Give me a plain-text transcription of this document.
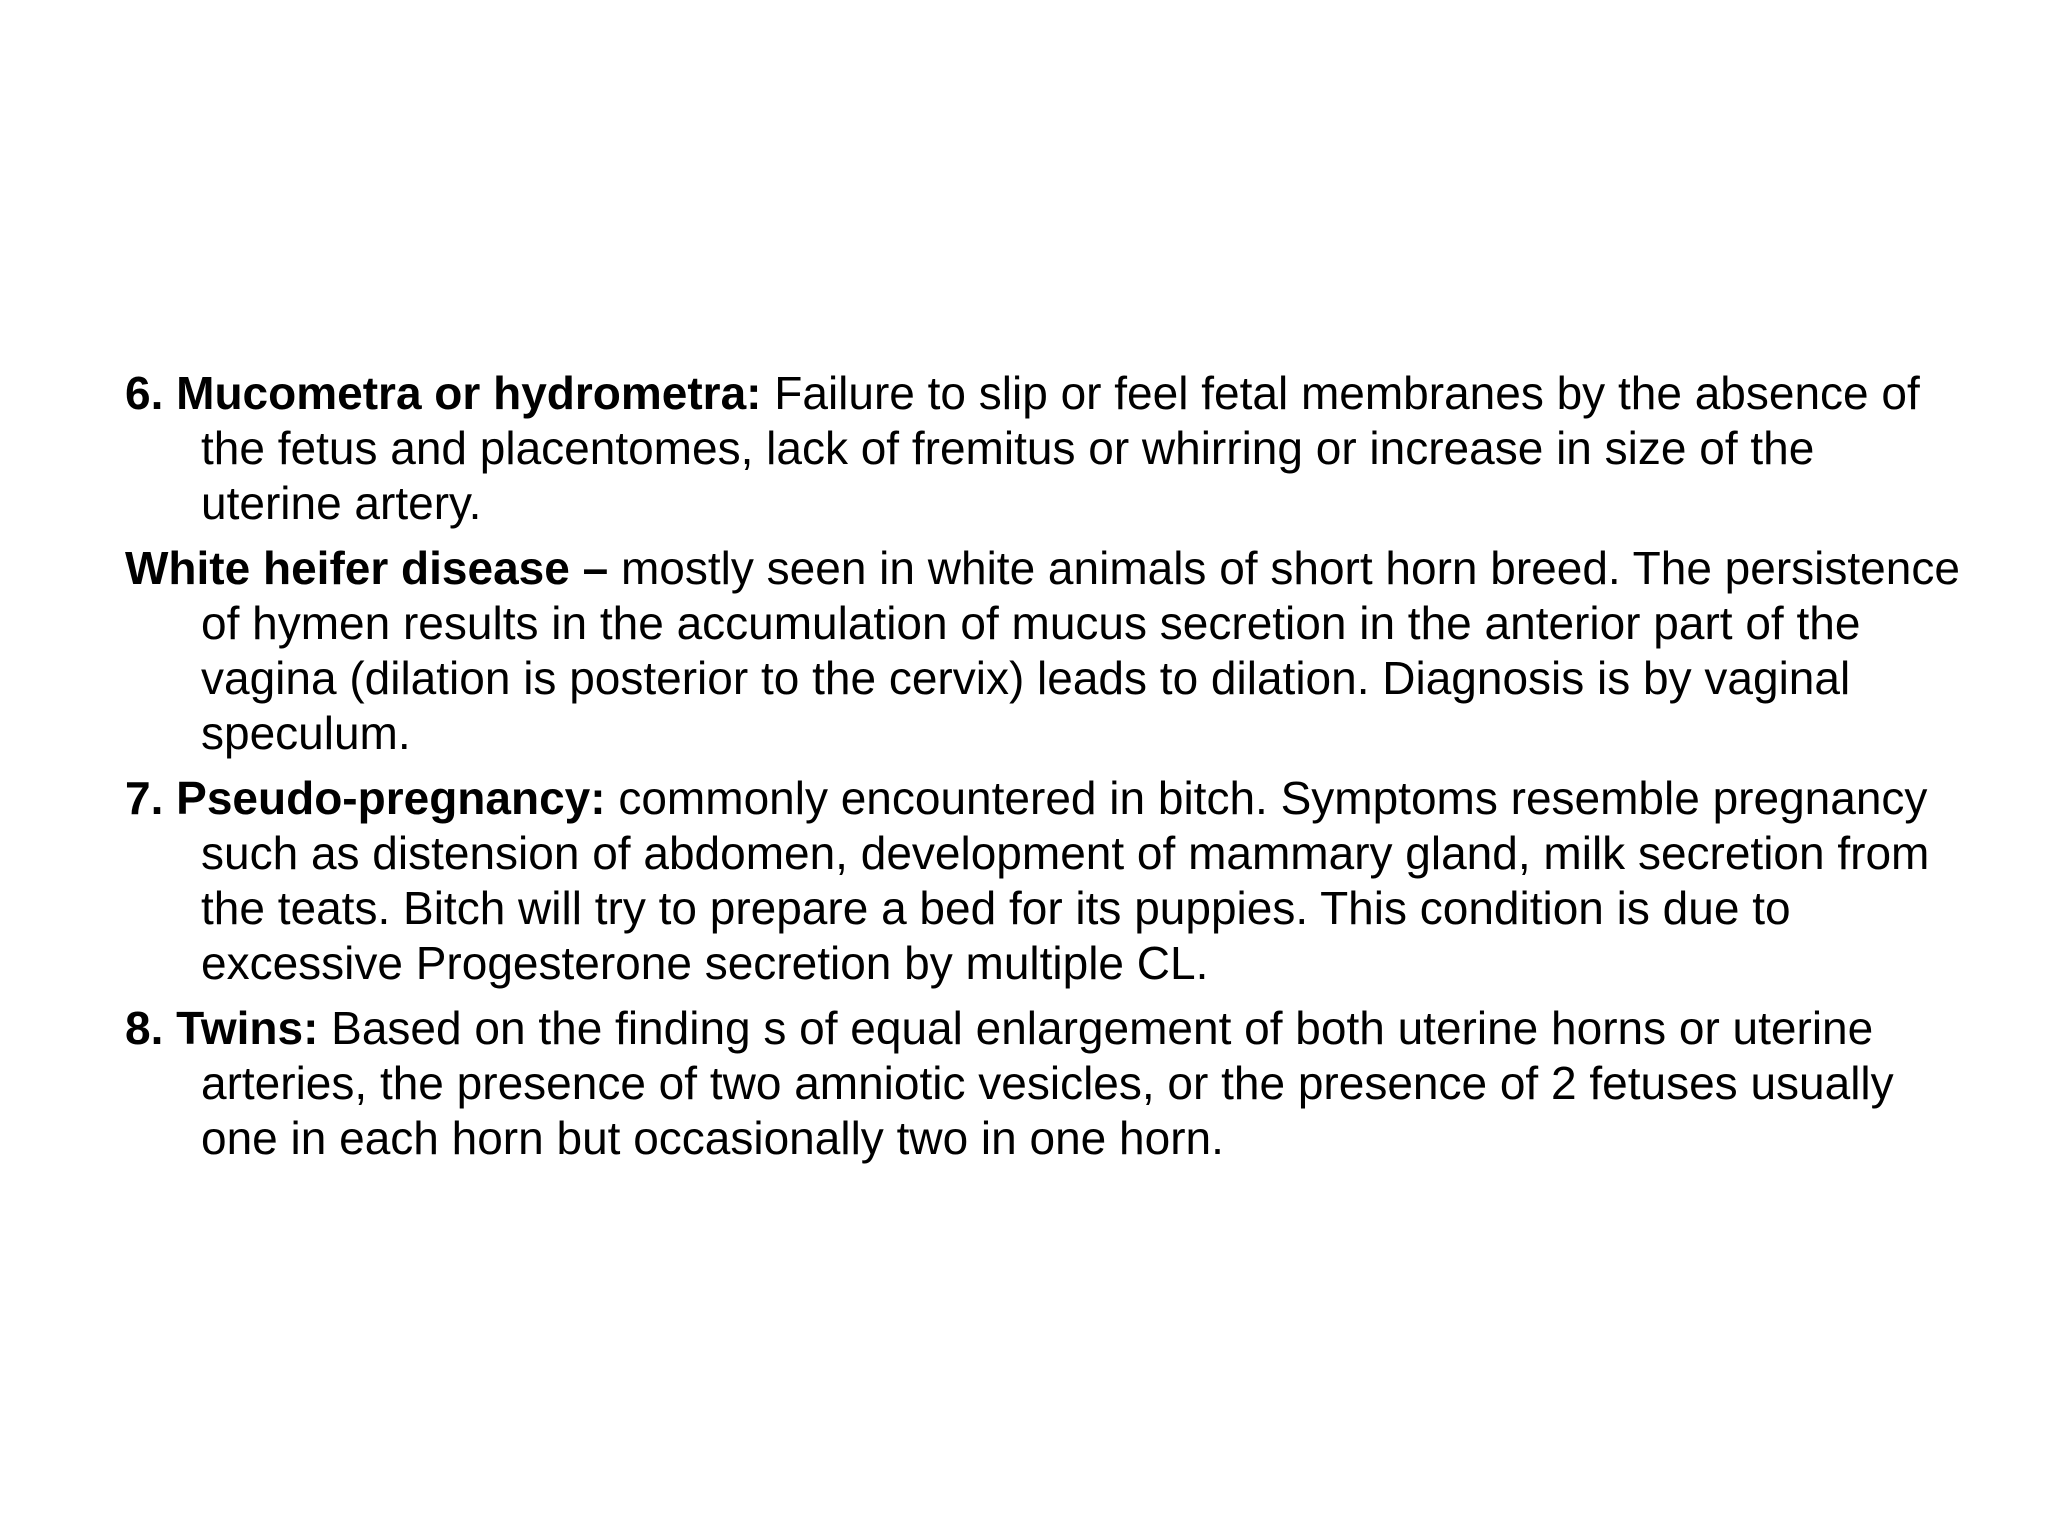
6. Mucometra or hydrometra: Failure to slip or feel fetal membranes by the absence of the fetus and placentomes, lack of fremitus or whirring or increase in size of the uterine artery.

White heifer disease – mostly seen in white animals of short horn breed. The persistence of hymen results in the accumulation of mucus secretion in the anterior part of the vagina (dilation is posterior to the cervix) leads to dilation. Diagnosis is by vaginal speculum.

7. Pseudo-pregnancy: commonly encountered in bitch. Symptoms resemble pregnancy such as distension of abdomen, development of mammary gland, milk secretion from the teats. Bitch will try to prepare a bed for its puppies. This condition is due to excessive Progesterone secretion by multiple CL.

8. Twins: Based on the finding s of equal enlargement of both uterine horns or uterine arteries, the presence of two amniotic vesicles, or the presence of 2 fetuses usually one in each horn but occasionally two in one horn.
